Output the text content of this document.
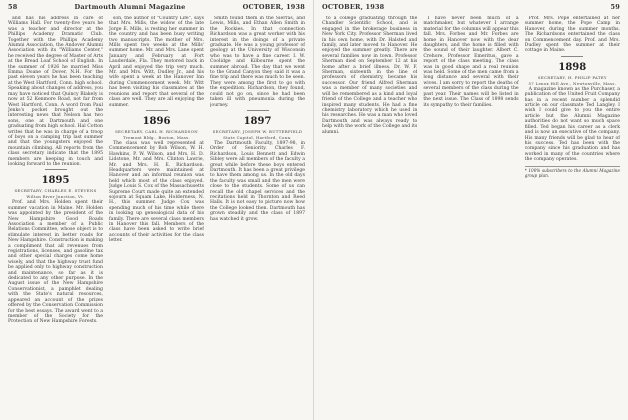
58	Dartmouth Alumni Magazine	OCTOBER, 1938

and has his address in care of Williams Hall. For twenty-five years he was a teacher and director at the Phillips Academy Dramatic Club. Together with the Phillips Academy Alumni Association, the Andover Alumni Association with its "Williams Center," he received the degree of Master of Arts at the Bread Loaf School of English. In the summer of 1926 he married Miss Emma Doane of Dover, N.H. For the past eleven years he has been teaching at the West Hartford, Conn. high school. Speaking about changes of address, you may have noticed that Quincy Blakely is now at 52 Kenmore Road, not far from West Hartford, Conn. A word from Paul Jenks's pocket brought out the interesting news that Nelson has two sons, one at Dartmouth and one graduating from high school. Hal Cotton writes that he was in charge of a troop of boys on a camping trip last summer and that the youngsters enjoyed the mountain climbing. All reports from the class secretary indicate that the 1895 members are keeping in touch and looking forward to the reunion.

1895
SECRETARY, CHARLES E. STEVENS
Wilton River Junction, Vt.

Prof. and Mrs. Holden spent their summer vacation in Maine. Mr. Holden was appointed by the president of the New Hampshire Good Roads Association a member of a Public Relations Committee, whose object is to stimulate interest in better roads for New Hampshire. Construction is making a compliment that all revenues from registrations, licenses, and gasoline tax and other special charges come home wisely, and that the highway trust fund be applied only to highway construction and maintenance, so far as it is dedicated to any other purpose. In the August issue of the New Hampshire Conservationist, a pamphlet dealing with the State's natural resources, appeared an account of the prizes offered by the Conservation Commission for the best essays. The award went to a member of the Society for the Protection of New Hampshire Forests.

son, the author of "Country Life", says that Mrs. Mills, the widow of the late Jorge E. Mills, is resting her summer in the country and has been busy writing two manuscripts. The mother of Mrs. Mills spent two weeks at the Mills' summer home. Mr. and Mrs. Lane spent January and February at Fort Lauderdale, Fla. They motored back in April and enjoyed the trip very much. Mr. and Mrs. Witt, Dudley Jr., and his wife spent a week at the Hanover Inn during Commencement week. Mr. Witt has been visiting his classmates at the reunions and report that several of the class are well. They are all enjoying the summer.

1896
SECRETARY, CARL H. RICHARDSON
Tremont Bldg., Boston, Mass.

The class was well represented at Commencement by Bob Wilson, W. H. Hawkins, P. W. Wilson, and Mrs. H. D. Lidstone, Mr. and Mrs. Clinton Lawrie, Mr. and Mrs. H. E. Richardson. Headquarters were maintained at Hanover and an informal reunion was held which most of the class enjoyed. Judge Louis S. Cox of the Massachusetts Supreme Court made quite an extended sojourn at Squam Lake, Holderness, N. H., this summer. Judge Cox was spending much of his time while there in looking up genealogical data of his family. There are several class members in Hanover this fall. Members of the class have been asked to write brief accounts of their activities for the class letter.

Smith found them in the Sierras, and Lewis, Mills, and Ethan Allen Smith in the Rockies. In that connection Richardson was a great worker with his interest in the doings of a private graduate. He was a young professor of geology at the University of Wisconsin who was to have a fine career. I. W. Coolidge and Kilbourne spent the summer abroad. The day that we went to the Grand Canyon they said it was a fine trip and there was much to be seen. They were among the first to go with the expedition. Richardson, they found, could not go on, since he had been taken ill with pneumonia during the journey.

1897
SECRETARY, JOSEPH W. BUTTERFIELD
State Capitol, Hartford, Conn.

The Dartmouth Faculty, 1897-98, in Order of Seniority. Charles F. Richardson, Louis Bennett and Edwin Sibley were all members of the faculty a great while before these boys entered Dartmouth. It has been a great privilege to have them among us. In the old days the faculty was small and the men were close to the students. Some of us can recall the old chapel services and the recitations held in Thornton and Reed Halls. It is not easy to picture now how the College looked then. Dartmouth has grown steadily and the class of 1897 has watched it grow.

OCTOBER, 1938	59

to a college graduating through the Chandler Scientific School, and is engaged in the brokerage business in New York City. Professor Sherman lived in his own home, with Dr. Halsted and family, and later moved to Hanover. He enjoyed the summer greatly. There are several families now in town. Professor Sherman died on September 12 at his home after a brief illness. Dr. W. F. Sherman, sixteenth in the line of professors of chemistry, became his successor. Our friend Alfred Sherman was a member of many societies and will be remembered as a kind and loyal friend of the College and a teacher who inspired many students. He had a fine chemistry laboratory which he used in his researches. He was a man who loved Dartmouth and was always ready to help with the work of the College and its alumni.

I have never been much of a matchmaker, but whatever I arrange material for the columns will appear this fall. Mrs. Forbes and Mr. Forbes are home in Hanover now with the dear daughters, and the home is filled with the sound of their laughter. Albert C. Crehore, Professor Emeritus, gave a report of the class meeting. The class was in good shape and a real reunion was held. Some of the men came from a long distance and several with their wives. I am sorry to report the deaths of several members of the class during the past year. Their names will be listed in the next issue. The Class of 1898 sends its sympathy to their families.

Prof. Mrs. Pope entertained at her summer home, the Pope Camp in Hanover, during the summer months. The Richardsons entertained the class on Commencement day. Prof. and Mrs. Dudley spent the summer at their cottage in Maine.

1898
SECRETARY, H. PHILIP PATEY
57 Lenox Hill Ave., Newtonville, Mass.

A magazine known as the Purchaser, a publication of the United Fruit Company has in a recent number a splendid article on our classmate Ted Langley. I wish I could give to you the entire article but the Alumni Magazine authorities do not want so much space filled. Ted began his career as a clerk and is now an executive of the company. His many friends will be glad to hear of his success. Ted has been with the company since his graduation and has worked in many of the countries where the company operates.

* 100% subscribers to the Alumni Magazine group plan.
